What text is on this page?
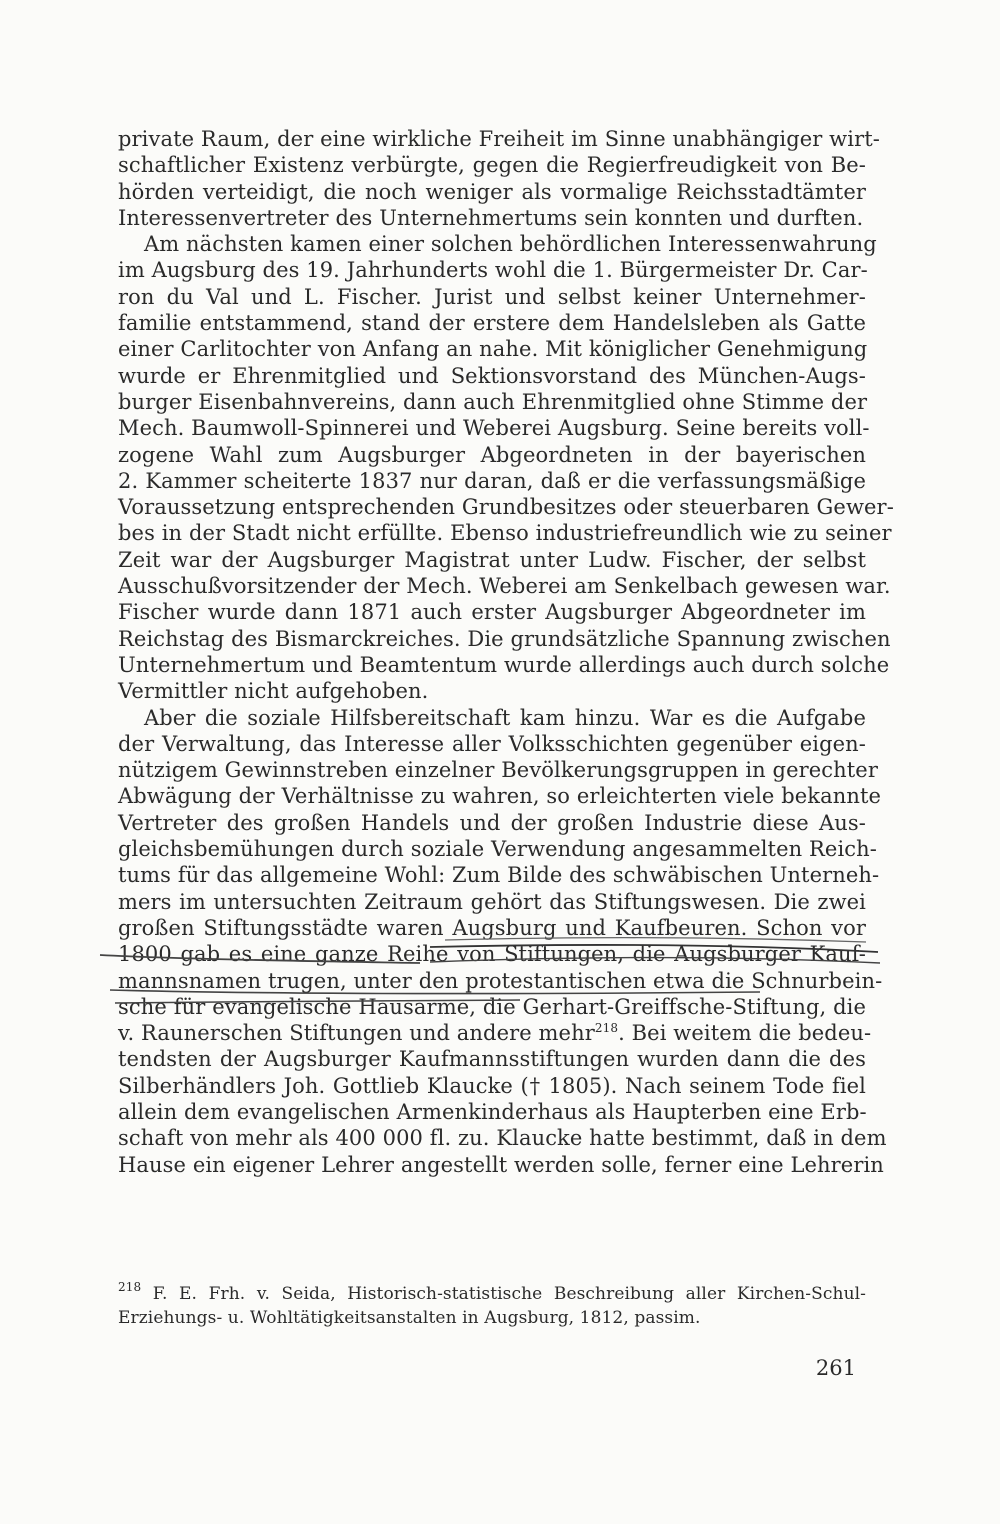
private Raum, der eine wirkliche Freiheit im Sinne unabhängiger wirt-
schaftlicher Existenz verbürgte, gegen die Regierfreudigkeit von Be-
hörden verteidigt, die noch weniger als vormalige Reichsstadtämter
Interessenvertreter des Unternehmertums sein konnten und durften.
Am nächsten kamen einer solchen behördlichen Interessenwahrung
im Augsburg des 19. Jahrhunderts wohl die 1. Bürgermeister Dr. Car-
ron du Val und L. Fischer. Jurist und selbst keiner Unternehmer-
familie entstammend, stand der erstere dem Handelsleben als Gatte
einer Carlitochter von Anfang an nahe. Mit königlicher Genehmigung
wurde er Ehrenmitglied und Sektionsvorstand des München-Augs-
burger Eisenbahnvereins, dann auch Ehrenmitglied ohne Stimme der
Mech. Baumwoll-Spinnerei und Weberei Augsburg. Seine bereits voll-
zogene Wahl zum Augsburger Abgeordneten in der bayerischen
2. Kammer scheiterte 1837 nur daran, daß er die verfassungsmäßige
Voraussetzung entsprechenden Grundbesitzes oder steuerbaren Gewer-
bes in der Stadt nicht erfüllte. Ebenso industriefreundlich wie zu seiner
Zeit war der Augsburger Magistrat unter Ludw. Fischer, der selbst
Ausschußvorsitzender der Mech. Weberei am Senkelbach gewesen war.
Fischer wurde dann 1871 auch erster Augsburger Abgeordneter im
Reichstag des Bismarckreiches. Die grundsätzliche Spannung zwischen
Unternehmertum und Beamtentum wurde allerdings auch durch solche
Vermittler nicht aufgehoben.
Aber die soziale Hilfsbereitschaft kam hinzu. War es die Aufgabe
der Verwaltung, das Interesse aller Volksschichten gegenüber eigen-
nützigem Gewinnstreben einzelner Bevölkerungsgruppen in gerechter
Abwägung der Verhältnisse zu wahren, so erleichterten viele bekannte
Vertreter des großen Handels und der großen Industrie diese Aus-
gleichsbemühungen durch soziale Verwendung angesammelten Reich-
tums für das allgemeine Wohl: Zum Bilde des schwäbischen Unterneh-
mers im untersuchten Zeitraum gehört das Stiftungswesen. Die zwei
großen Stiftungsstädte waren Augsburg und Kaufbeuren. Schon vor
1800 gab es eine ganze Reihe von Stiftungen, die Augsburger Kauf-
mannsnamen trugen, unter den protestantischen etwa die Schnurbein-
sche für evangelische Hausarme, die Gerhart-Greiffsche-Stiftung, die
v. Raunerschen Stiftungen und andere mehr$^{218}$. Bei weitem die bedeu-
tendsten der Augsburger Kaufmannsstiftungen wurden dann die des
Silberhändlers Joh. Gottlieb Klaucke († 1805). Nach seinem Tode fiel
allein dem evangelischen Armenkinderhaus als Haupterben eine Erb-
schaft von mehr als 400 000 fl. zu. Klaucke hatte bestimmt, daß in dem
Hause ein eigener Lehrer angestellt werden solle, ferner eine Lehrerin
$^{218}$ F. E. Frh. v. Seida, Historisch-statistische Beschreibung aller Kirchen-Schul-
Erziehungs- u. Wohltätigkeitsanstalten in Augsburg, 1812, passim.
261
